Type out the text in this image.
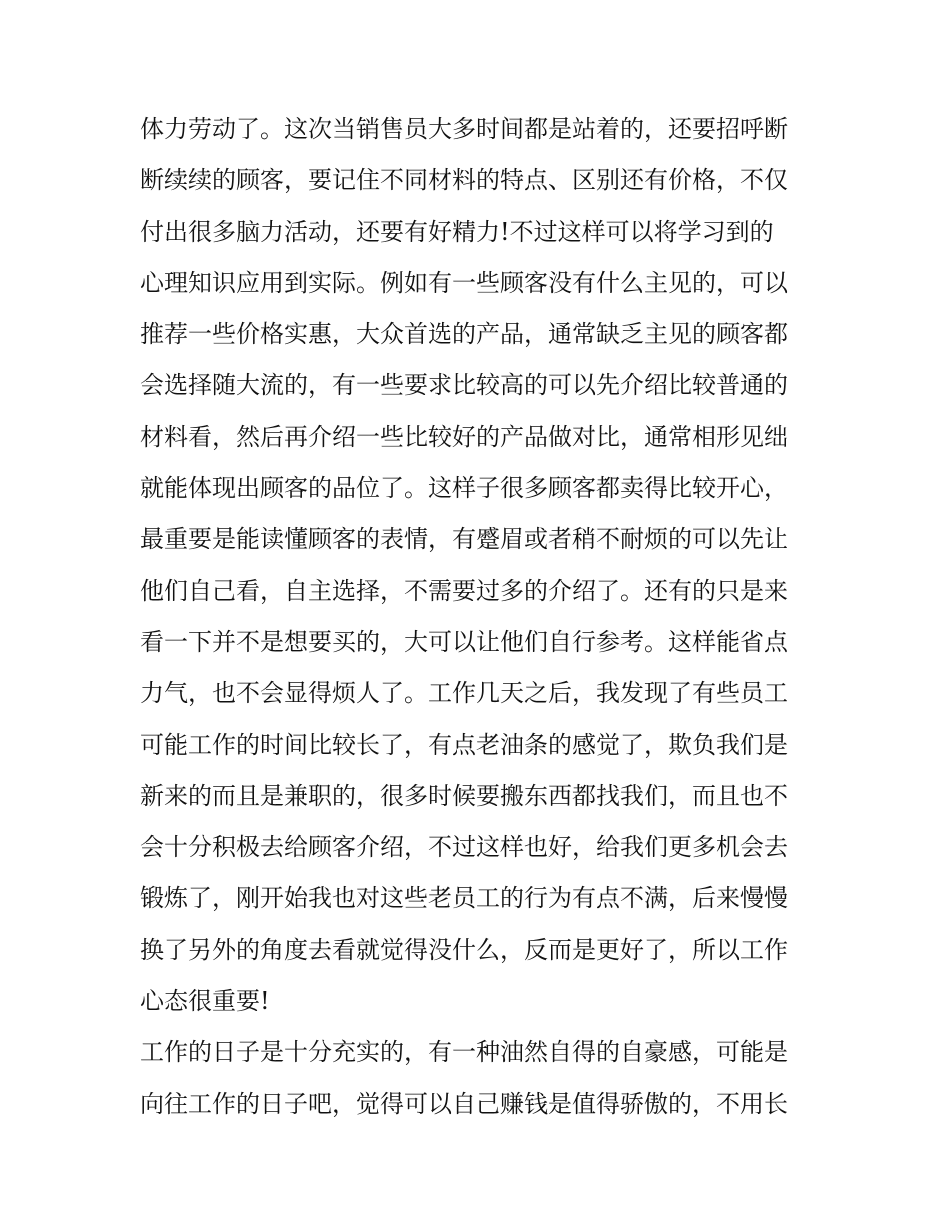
体力劳动了。这次当销售员大多时间都是站着的，还要招呼断
断续续的顾客，要记住不同材料的特点、区别还有价格，不仅
付出很多脑力活动，还要有好精力!不过这样可以将学习到的
心理知识应用到实际。例如有一些顾客没有什么主见的，可以
推荐一些价格实惠，大众首选的产品，通常缺乏主见的顾客都
会选择随大流的，有一些要求比较高的可以先介绍比较普通的
材料看，然后再介绍一些比较好的产品做对比，通常相形见绌
就能体现出顾客的品位了。这样子很多顾客都卖得比较开心，
最重要是能读懂顾客的表情，有蹙眉或者稍不耐烦的可以先让
他们自己看，自主选择，不需要过多的介绍了。还有的只是来
看一下并不是想要买的，大可以让他们自行参考。这样能省点
力气，也不会显得烦人了。工作几天之后，我发现了有些员工
可能工作的时间比较长了，有点老油条的感觉了，欺负我们是
新来的而且是兼职的，很多时候要搬东西都找我们，而且也不
会十分积极去给顾客介绍，不过这样也好，给我们更多机会去
锻炼了，刚开始我也对这些老员工的行为有点不满，后来慢慢
换了另外的角度去看就觉得没什么，反而是更好了，所以工作
心态很重要!
工作的日子是十分充实的，有一种油然自得的自豪感，可能是
向往工作的日子吧，觉得可以自己赚钱是值得骄傲的，不用长
